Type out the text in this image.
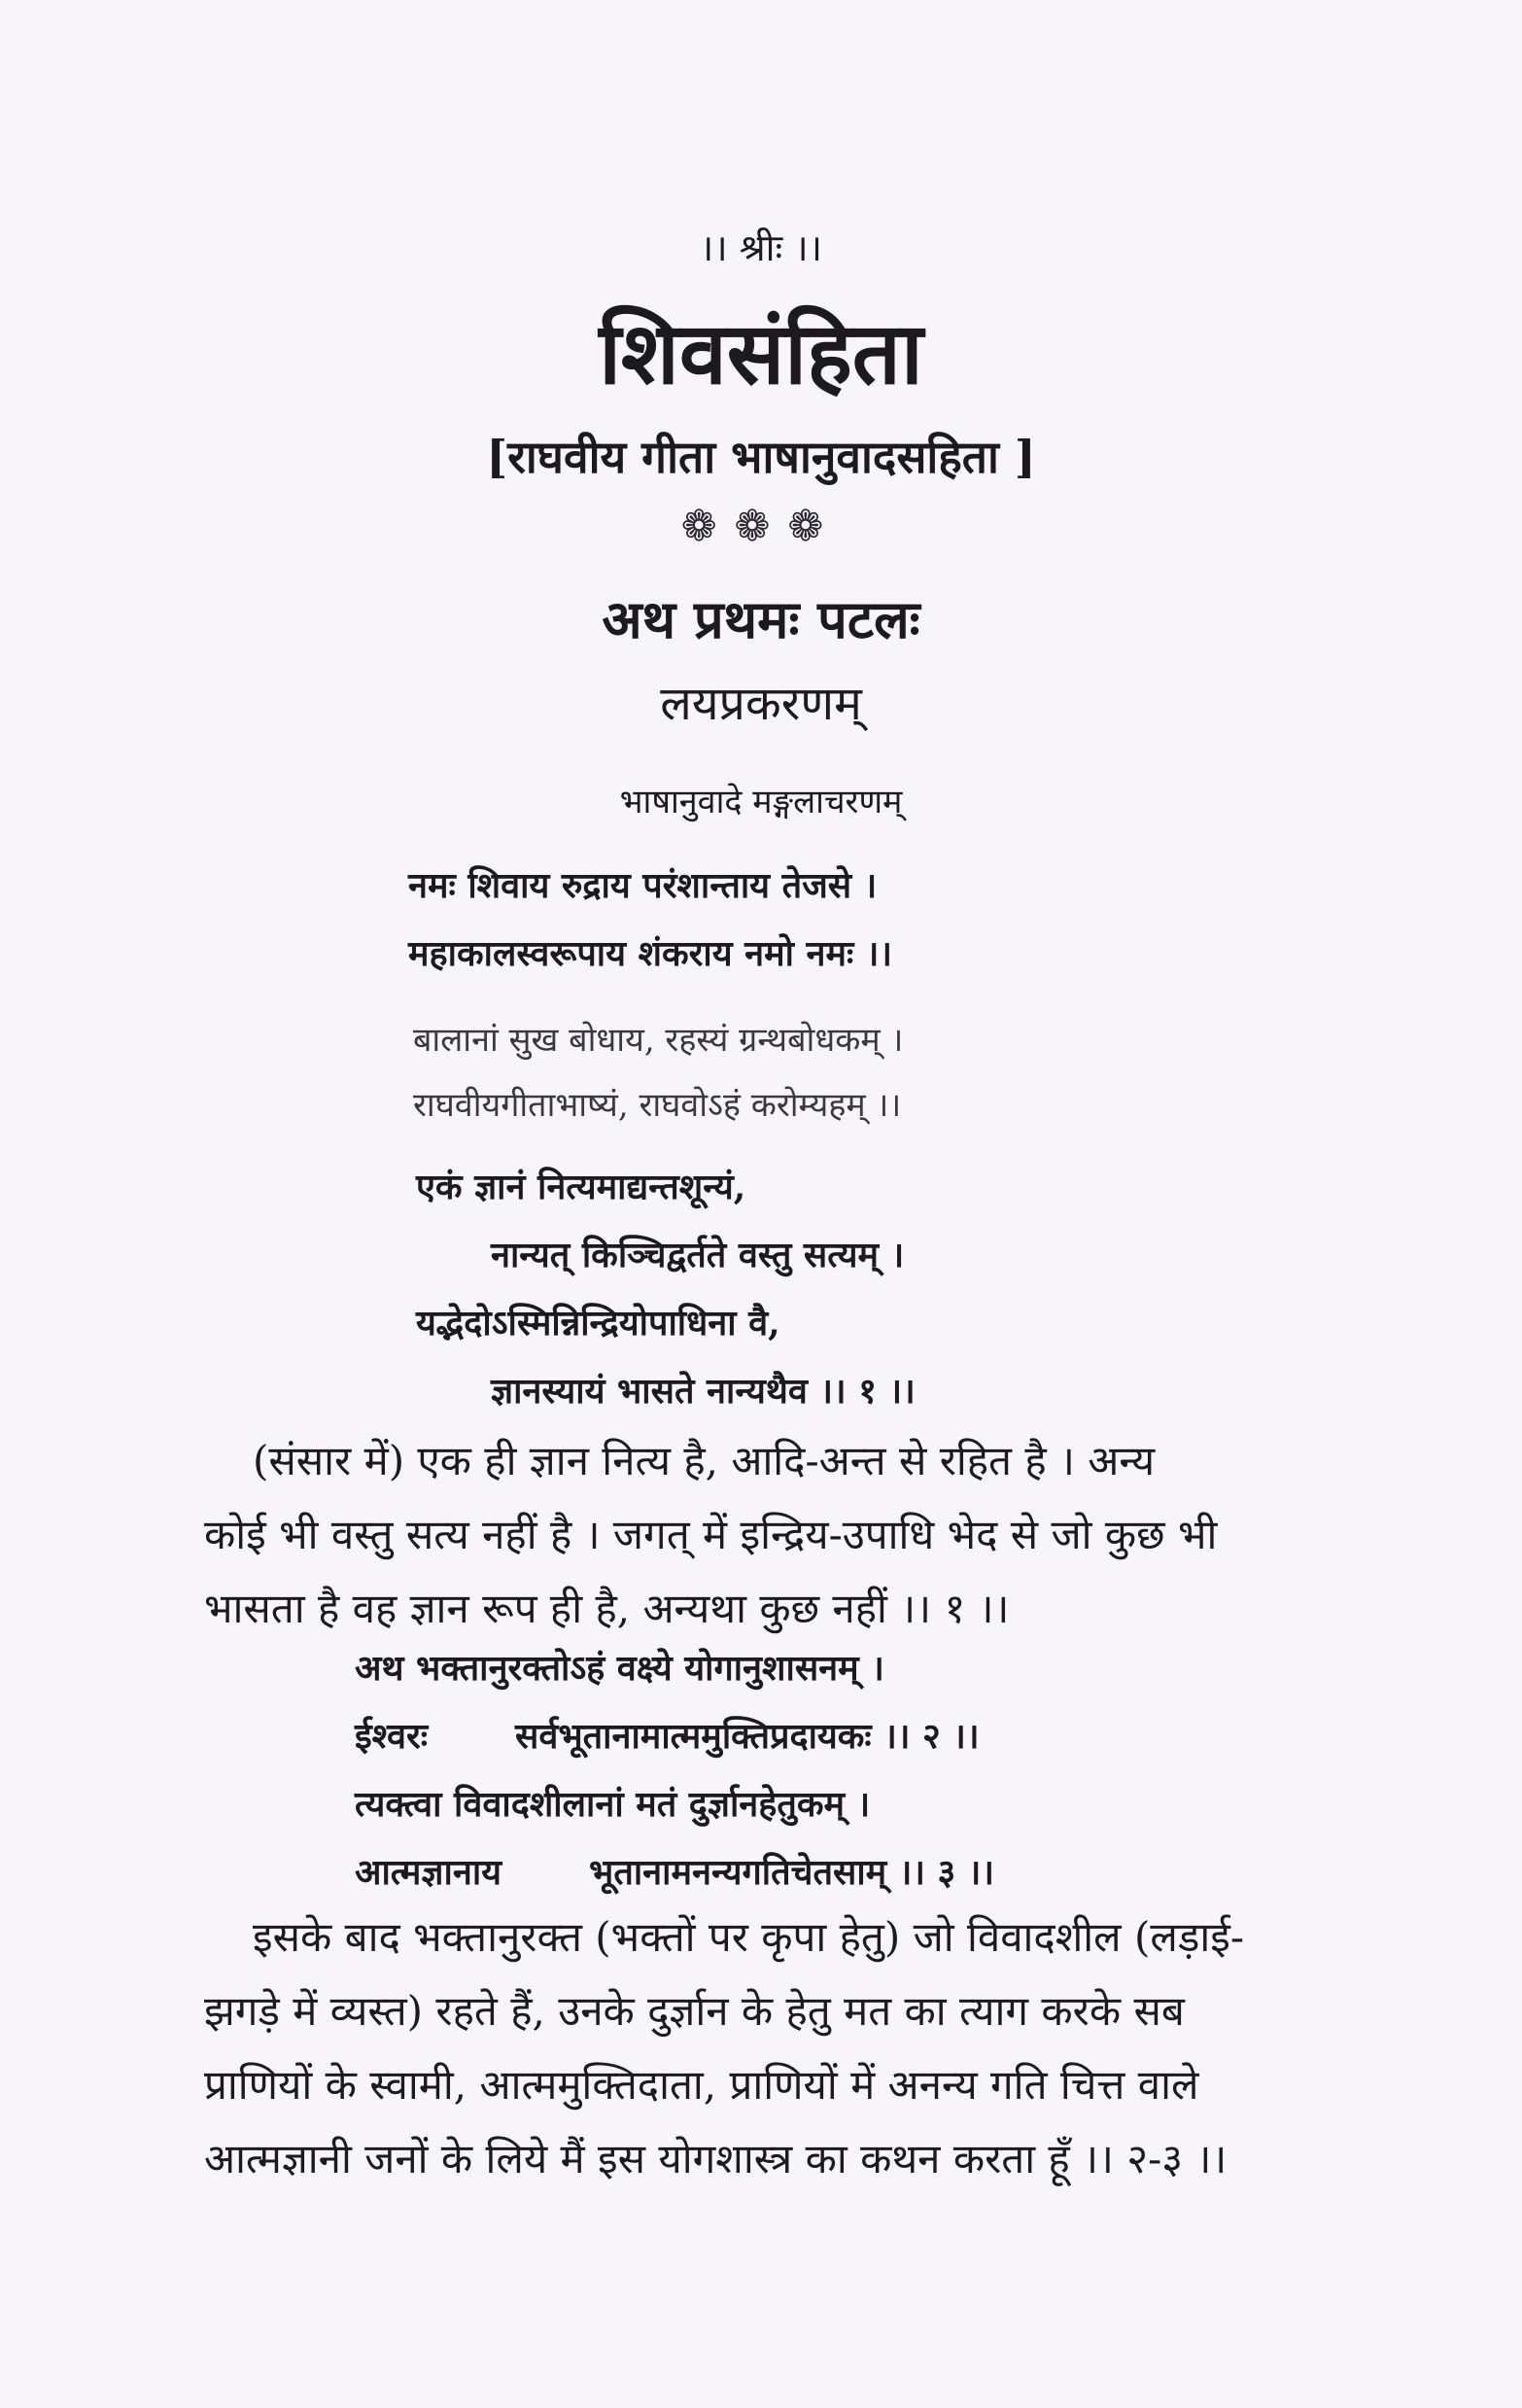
।। श्रीः ।।
शिवसंहिता
[राघवीय गीता भाषानुवादसहिता ]
❁❁❁
अथ प्रथमः पटलः
लयप्रकरणम्
भाषानुवादे मङ्गलाचरणम्
नमः शिवाय रुद्राय परंशान्ताय तेजसे ।
महाकालस्वरूपाय शंकराय नमो नमः ।।
बालानां सुख बोधाय, रहस्यं ग्रन्थबोधकम् ।
राघवीयगीताभाष्यं, राघवोऽहं करोम्यहम् ।।
एकं ज्ञानं नित्यमाद्यन्तशून्यं,
नान्यत् किञ्चिद्वर्तते वस्तु सत्यम् ।
यद्भेदोऽस्मिन्निन्द्रियोपाधिना वै,
ज्ञानस्यायं भासते नान्यथैव ।। १ ।।
(संसार में) एक ही ज्ञान नित्य है, आदि-अन्त से रहित है । अन्य
कोई भी वस्तु सत्य नहीं है । जगत् में इन्द्रिय-उपाधि भेद से जो कुछ भी
भासता है वह ज्ञान रूप ही है, अन्यथा कुछ नहीं ।। १ ।।
अथ भक्तानुरक्तोऽहं वक्ष्ये योगानुशासनम् ।
ईश्वरः	सर्वभूतानामात्ममुक्तिप्रदायकः ।। २ ।।
त्यक्त्वा विवादशीलानां मतं दुर्ज्ञानहेतुकम् ।
आत्मज्ञानाय	भूतानामनन्यगतिचेतसाम् ।। ३ ।।
इसके बाद भक्तानुरक्त (भक्तों पर कृपा हेतु) जो विवादशील (लड़ाई-
झगड़े में व्यस्त) रहते हैं, उनके दुर्ज्ञान के हेतु मत का त्याग करके सब
प्राणियों के स्वामी, आत्ममुक्तिदाता, प्राणियों में अनन्य गति चित्त वाले
आत्मज्ञानी जनों के लिये मैं इस योगशास्त्र का कथन करता हूँ ।। २-३ ।।
